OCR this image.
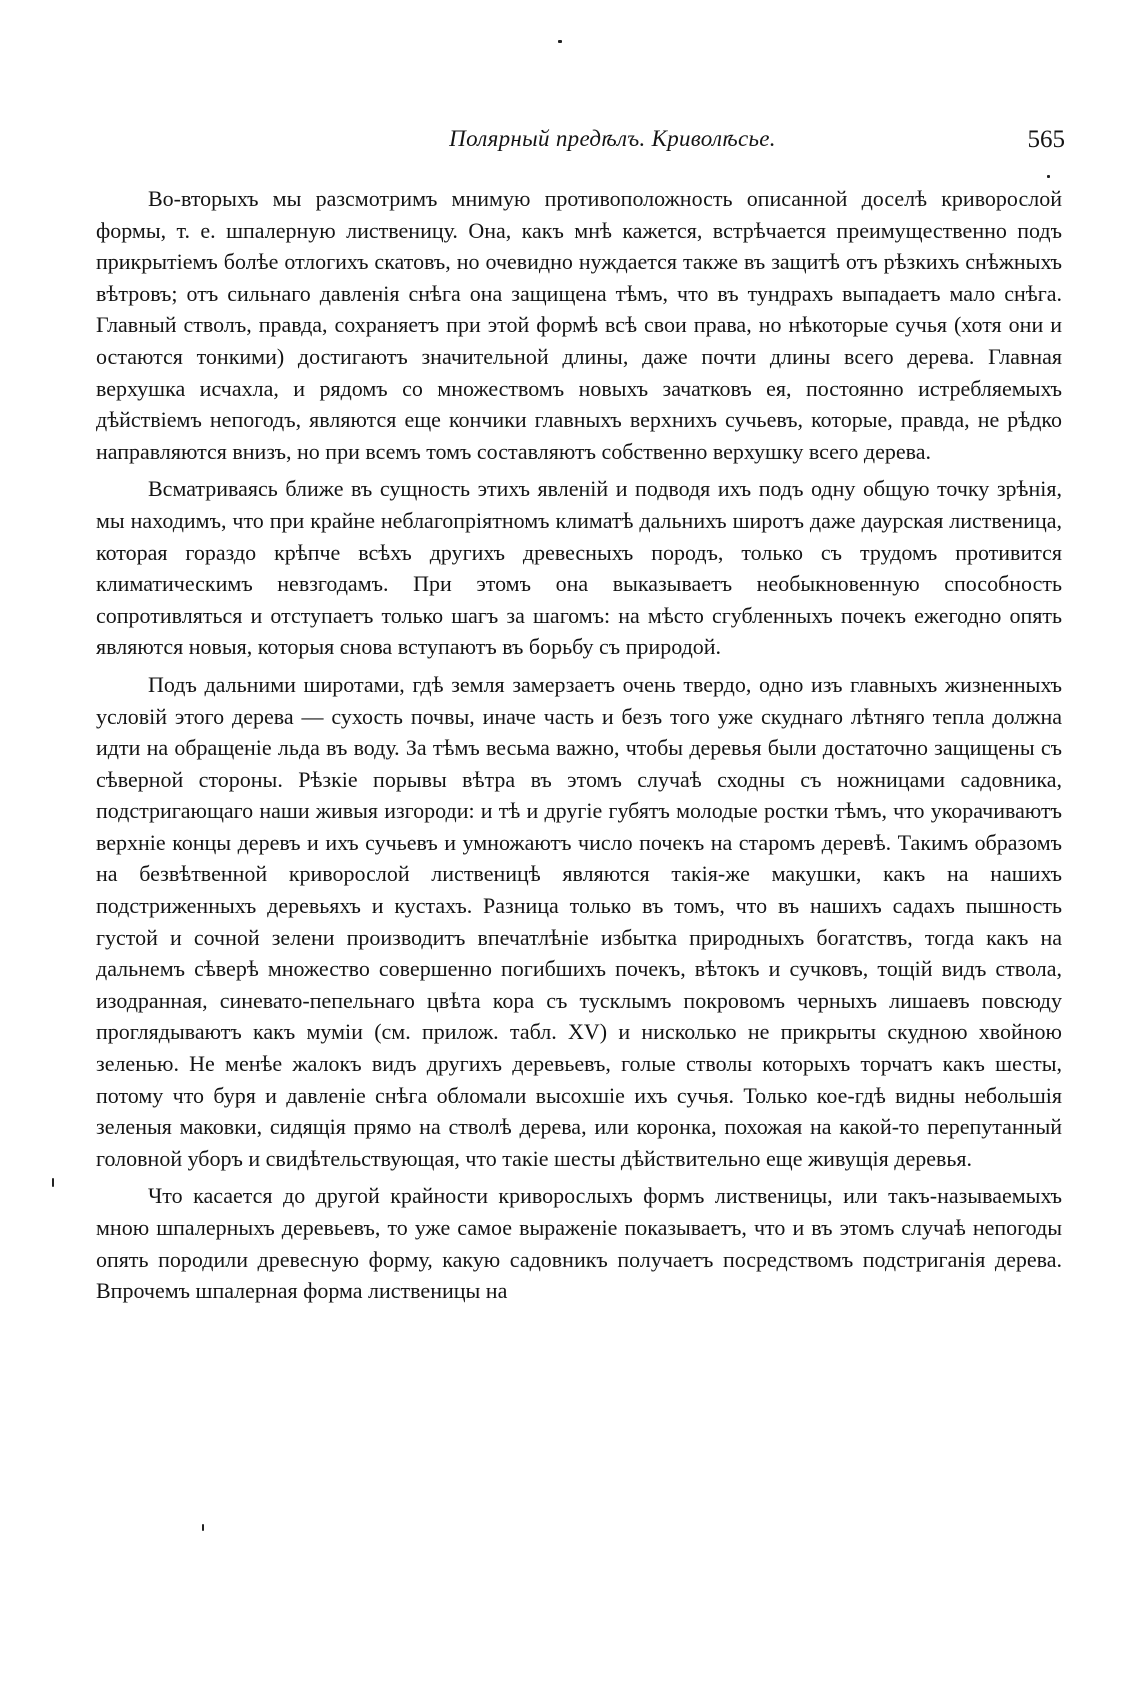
Полярный предѣлъ. Криволѣсье.	565

Во-вторыхъ мы разсмотримъ мнимую противоположность описанной доселѣ криворослой формы, т. е. шпалерную лиственицу. Она, какъ мнѣ кажется, встрѣчается преимущественно подъ прикрытіемъ болѣе отлогихъ скатовъ, но очевидно нуждается также въ защитѣ отъ рѣзкихъ снѣжныхъ вѣтровъ; отъ сильнаго давленія снѣга она защищена тѣмъ, что въ тундрахъ выпадаетъ мало снѣга. Главный стволъ, правда, сохраняетъ при этой формѣ всѣ свои права, но нѣкоторые сучья (хотя они и остаются тонкими) достигаютъ значительной длины, даже почти длины всего дерева. Главная верхушка исчахла, и рядомъ со множествомъ новыхъ зачатковъ ея, постоянно истребляемыхъ дѣйствіемъ непогодъ, являются еще кончики главныхъ верхнихъ сучьевъ, которые, правда, не рѣдко направляются внизъ, но при всемъ томъ составляютъ собственно верхушку всего дерева.

Всматриваясь ближе въ сущность этихъ явленій и подводя ихъ подъ одну общую точку зрѣнія, мы находимъ, что при крайне неблагопріятномъ климатѣ дальнихъ широтъ даже даурская лиственица, которая гораздо крѣпче всѣхъ другихъ древесныхъ породъ, только съ трудомъ противится климатическимъ невзгодамъ. При этомъ она выказываетъ необыкновенную способность сопротивляться и отступаетъ только шагъ за шагомъ: на мѣсто сгубленныхъ почекъ ежегодно опять являются новыя, которыя снова вступаютъ въ борьбу съ природой.

Подъ дальними широтами, гдѣ земля замерзаетъ очень твердо, одно изъ главныхъ жизненныхъ условій этого дерева — сухость почвы, иначе часть и безъ того уже скуднаго лѣтняго тепла должна идти на обращеніе льда въ воду. За тѣмъ весьма важно, чтобы деревья были достаточно защищены съ сѣверной стороны. Рѣзкіе порывы вѣтра въ этомъ случаѣ сходны съ ножницами садовника, подстригающаго наши живыя изгороди: и тѣ и другіе губятъ молодые ростки тѣмъ, что укорачиваютъ верхніе концы деревъ и ихъ сучьевъ и умножаютъ число почекъ на старомъ деревѣ. Такимъ образомъ на безвѣтвенной криворослой лиственицѣ являются такія-же макушки, какъ на нашихъ подстриженныхъ деревьяхъ и кустахъ. Разница только въ томъ, что въ нашихъ садахъ пышность густой и сочной зелени производитъ впечатлѣніе избытка природныхъ богатствъ, тогда какъ на дальнемъ сѣверѣ множество совершенно погибшихъ почекъ, вѣтокъ и сучковъ, тощій видъ ствола, изодранная, синевато-пепельнаго цвѣта кора съ тусклымъ покровомъ черныхъ лишаевъ повсюду проглядываютъ какъ муміи (см. прилож. табл. XV) и нисколько не прикрыты скудною хвойною зеленью. Не менѣе жалокъ видъ другихъ деревьевъ, голые стволы которыхъ торчатъ какъ шесты, потому что буря и давленіе снѣга обломали высохшіе ихъ сучья. Только кое-гдѣ видны небольшія зеленыя маковки, сидящія прямо на стволѣ дерева, или коронка, похожая на какой-то перепутанный головной уборъ и свидѣтельствующая, что такіе шесты дѣйствительно еще живущія деревья.

Что касается до другой крайности криворослыхъ формъ лиственицы, или такъ-называемыхъ мною шпалерныхъ деревьевъ, то уже самое выраженіе показываетъ, что и въ этомъ случаѣ непогоды опять породили древесную форму, какую садовникъ получаетъ посредствомъ подстриганія дерева. Впрочемъ шпалерная форма лиственицы на
